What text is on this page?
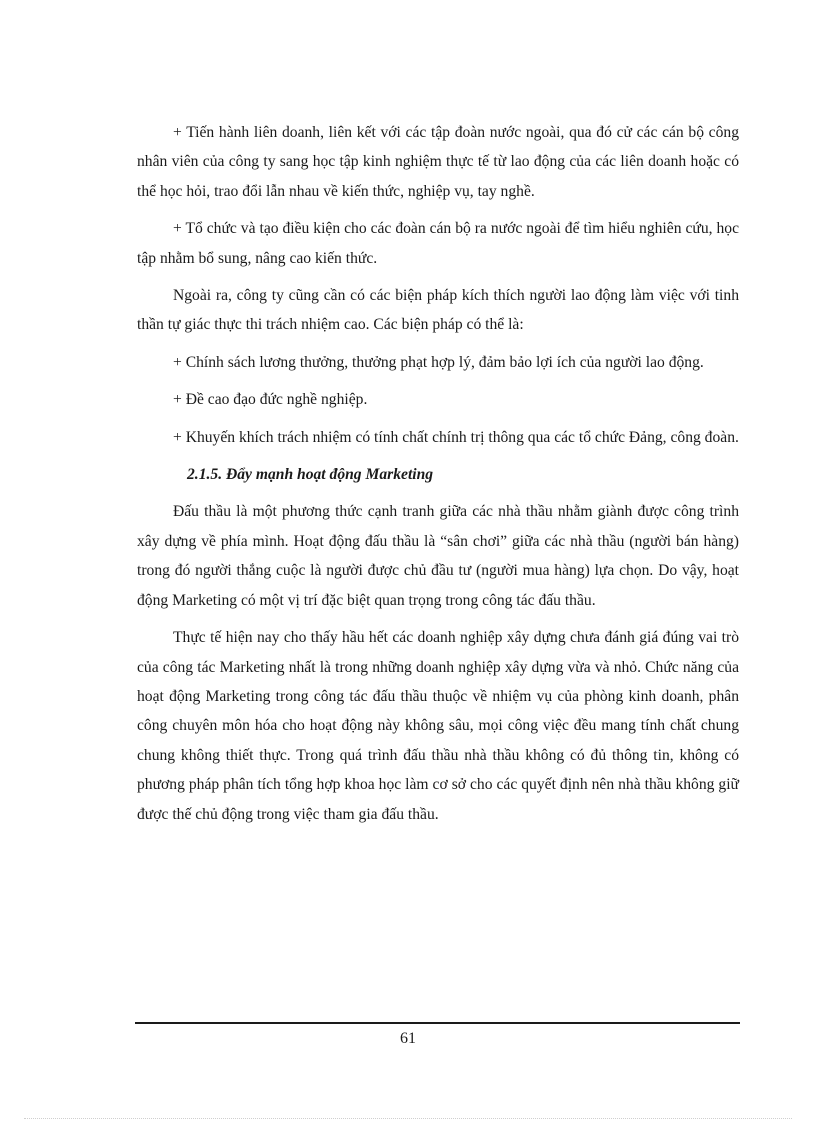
+ Tiến hành liên doanh, liên kết với các tập đoàn nước ngoài, qua đó cử các cán bộ công nhân viên của công ty sang học tập kinh nghiệm thực tế từ lao động của các liên doanh hoặc có thể học hỏi, trao đổi lẫn nhau về kiến thức, nghiệp vụ, tay nghề.

+ Tổ chức và tạo điều kiện cho các đoàn cán bộ ra nước ngoài để tìm hiểu nghiên cứu, học tập nhằm bổ sung, nâng cao kiến thức.

Ngoài ra, công ty cũng cần có các biện pháp kích thích người lao động làm việc với tinh thần tự giác thực thi trách nhiệm cao. Các biện pháp có thể là:

+ Chính sách lương thưởng, thưởng phạt hợp lý, đảm bảo lợi ích của người lao động.

+ Đề cao đạo đức nghề nghiệp.

+ Khuyến khích trách nhiệm có tính chất chính trị thông qua các tổ chức Đảng, công đoàn.

2.1.5. Đẩy mạnh hoạt động Marketing

Đấu thầu là một phương thức cạnh tranh giữa các nhà thầu nhằm giành được công trình xây dựng về phía mình. Hoạt động đấu thầu là “sân chơi” giữa các nhà thầu (người bán hàng) trong đó người thắng cuộc là người được chủ đầu tư (người mua hàng) lựa chọn. Do vậy, hoạt động Marketing có một vị trí đặc biệt quan trọng trong công tác đấu thầu.

Thực tế hiện nay cho thấy hầu hết các doanh nghiệp xây dựng chưa đánh giá đúng vai trò của công tác Marketing nhất là trong những doanh nghiệp xây dựng vừa và nhỏ. Chức năng của hoạt động Marketing trong công tác đấu thầu thuộc về nhiệm vụ của phòng kinh doanh, phân công chuyên môn hóa cho hoạt động này không sâu, mọi công việc đều mang tính chất chung chung không thiết thực. Trong quá trình đấu thầu nhà thầu không có đủ thông tin, không có phương pháp phân tích tổng hợp khoa học làm cơ sở cho các quyết định nên nhà thầu không giữ được thế chủ động trong việc tham gia đấu thầu.

61
